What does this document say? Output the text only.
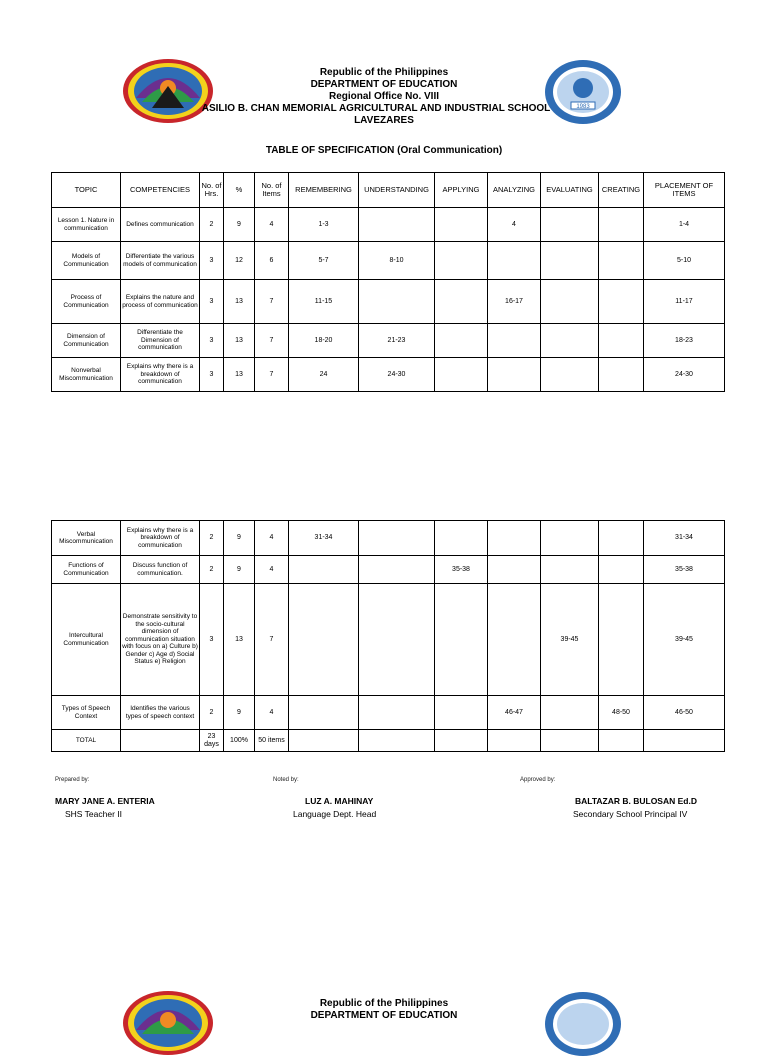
1983
Republic of the Philippines
DEPARTMENT OF EDUCATION
Regional Office No. VIII
ASILIO B. CHAN MEMORIAL AGRICULTURAL AND INDUSTRIAL SCHOOL
LAVEZARES
TABLE OF SPECIFICATION (Oral Communication)
TOPIC	COMPETENCIES	No. of Hrs.	%	No. of Items	REMEMBERING	UNDERSTANDING	APPLYING	ANALYZING	EVALUATING	CREATING	PLACEMENT OF ITEMS
Lesson 1. Nature in communication	Defines communication	2	9	4	1-3			4			1-4
Models of Communication	Differentiate the various models of communication	3	12	6	5-7	8-10					5-10
Process of Communication	Explains the nature and process of communication	3	13	7	11-15			16-17			11-17
Dimension of Communication	Differentiate the Dimension of communication	3	13	7	18-20	21-23					18-23
Nonverbal Miscommunication	Explains why there is a breakdown of communication	3	13	7	24	24-30					24-30
Verbal Miscommunication	Explains why there is a breakdown of communication	2	9	4	31-34						31-34
Functions of Communication	Discuss function of communication.	2	9	4			35-38				35-38
Intercultural Communication	Demonstrate sensitivity to the socio-cultural dimension of communication situation with focus on a) Culture b) Gender c) Age d) Social Status e) Religion	3	13	7					39-45		39-45
Types of Speech Context	Identifies the various types of speech context	2	9	4				46-47		48-50	46-50
TOTAL		23 days	100%	50 items							
Prepared by:
MARY JANE A. ENTERIA
SHS Teacher II
Noted by:
LUZ A. MAHINAY
Language Dept. Head
Approved by:
BALTAZAR B. BULOSAN Ed.D
Secondary School Principal IV
Republic of the Philippines
DEPARTMENT OF EDUCATION
